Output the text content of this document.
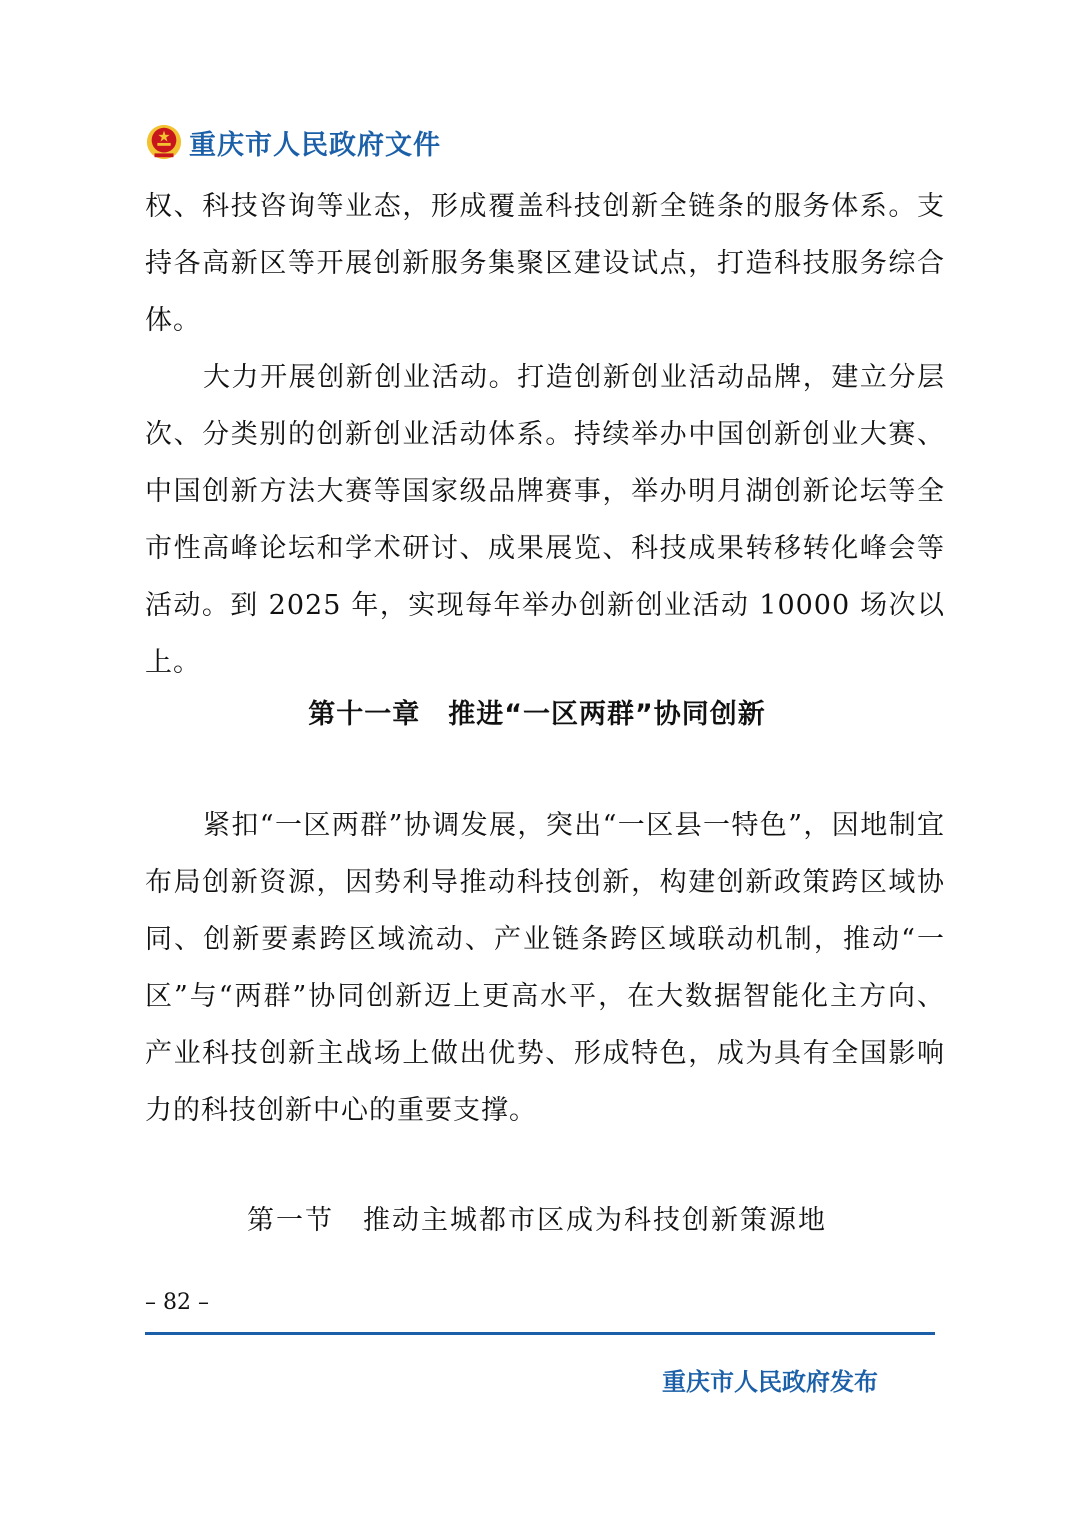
重庆市人民政府文件

权、科技咨询等业态，形成覆盖科技创新全链条的服务体系。支持各高新区等开展创新服务集聚区建设试点，打造科技服务综合体。

大力开展创新创业活动。打造创新创业活动品牌，建立分层次、分类别的创新创业活动体系。持续举办中国创新创业大赛、中国创新方法大赛等国家级品牌赛事，举办明月湖创新论坛等全市性高峰论坛和学术研讨、成果展览、科技成果转移转化峰会等活动。到 2025 年，实现每年举办创新创业活动 10000 场次以上。

第十一章　推进“一区两群”协同创新

紧扣“一区两群”协调发展，突出“一区县一特色”，因地制宜布局创新资源，因势利导推动科技创新，构建创新政策跨区域协同、创新要素跨区域流动、产业链条跨区域联动机制，推动“一区”与“两群”协同创新迈上更高水平，在大数据智能化主方向、产业科技创新主战场上做出优势、形成特色，成为具有全国影响力的科技创新中心的重要支撑。

第一节　推动主城都市区成为科技创新策源地
– 82 –
重庆市人民政府发布
